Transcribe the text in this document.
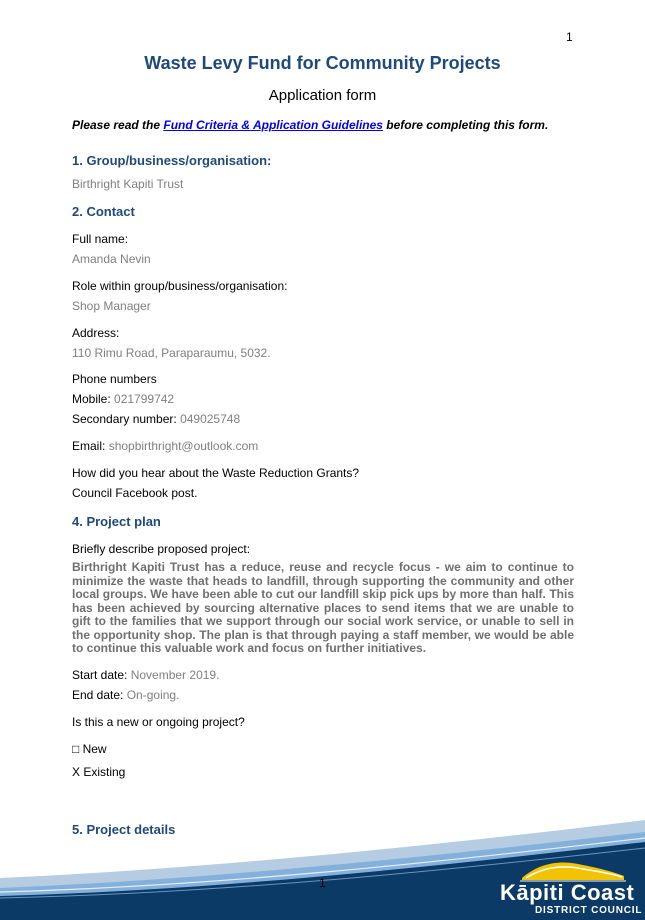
1
Waste Levy Fund for Community Projects
Application form
Please read the Fund Criteria & Application Guidelines before completing this form.
1. Group/business/organisation:
Birthright Kapiti Trust
2. Contact
Full name:
Amanda Nevin
Role within group/business/organisation:
Shop Manager
Address:
110 Rimu Road, Paraparaumu, 5032.
Phone numbers
Mobile: 021799742
Secondary number: 049025748
Email: shopbirthright@outlook.com
How did you hear about the Waste Reduction Grants?
Council Facebook post.
4. Project plan
Briefly describe proposed project:

Birthright Kapiti Trust has a reduce, reuse and recycle focus - we aim to continue to minimize the waste that heads to landfill, through supporting the community and other local groups. We have been able to cut our landfill skip pick ups by more than half. This has been achieved by sourcing alternative places to send items that we are unable to gift to the families that we support through our social work service, or unable to sell in the opportunity shop. The plan is that through paying a staff member, we would be able to continue this valuable work and focus on further initiatives.

Start date: November 2019.
End date: On-going.
Is this a new or ongoing project?
□ New
X Existing
5. Project details
1	Kāpiti Coast
DISTRICT COUNCIL
